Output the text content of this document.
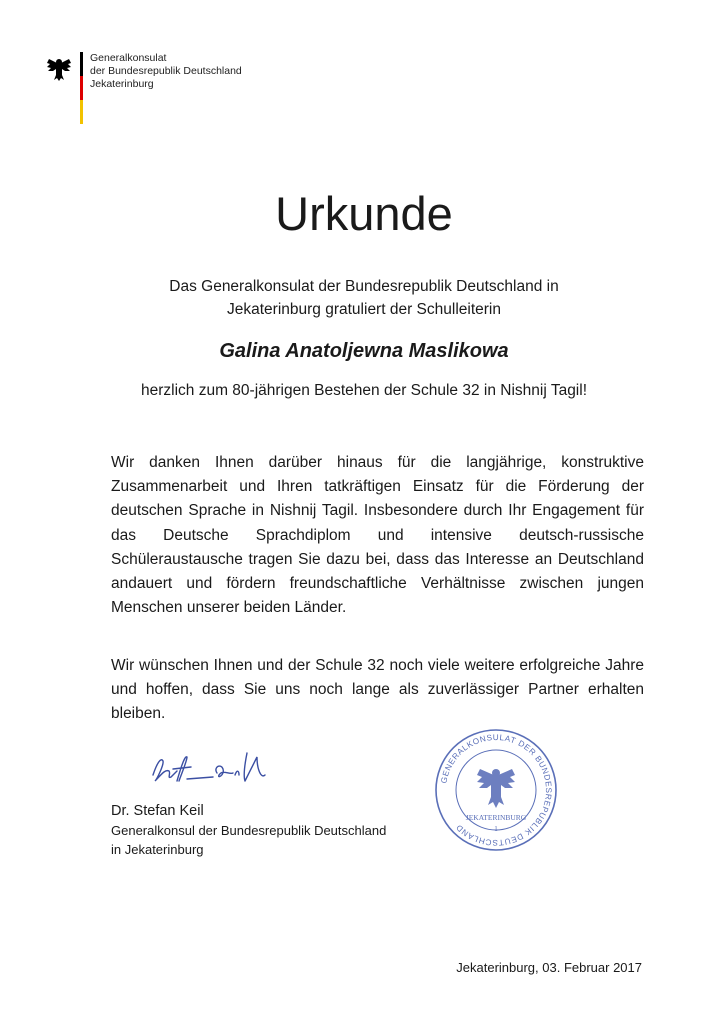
Generalkonsulat
der Bundesrepublik Deutschland
Jekaterinburg
Urkunde
Das Generalkonsulat der Bundesrepublik Deutschland in
Jekaterinburg gratuliert der Schulleiterin
Galina Anatoljewna Maslikowa
herzlich zum 80-jährigen Bestehen der Schule 32 in Nishnij Tagil!
Wir danken Ihnen darüber hinaus für die langjährige, konstruktive Zusammenarbeit und Ihren tatkräftigen Einsatz für die Förderung der deutschen Sprache in Nishnij Tagil. Insbesondere durch Ihr Engagement für das Deutsche Sprachdiplom und intensive deutsch-russische Schüleraustausche tragen Sie dazu bei, dass das Interesse an Deutschland andauert und fördern freundschaftliche Verhältnisse zwischen jungen Menschen unserer beiden Länder.
Wir wünschen Ihnen und der Schule 32 noch viele weitere erfolgreiche Jahre und hoffen, dass Sie uns noch lange als zuverlässiger Partner erhalten bleiben.
Dr. Stefan Keil
Generalkonsul der Bundesrepublik Deutschland
in Jekaterinburg
GENERALKONSULAT DER BUNDESREPUBLIK DEUTSCHLAND
JEKATERINBURG
1
Jekaterinburg, 03. Februar 2017
